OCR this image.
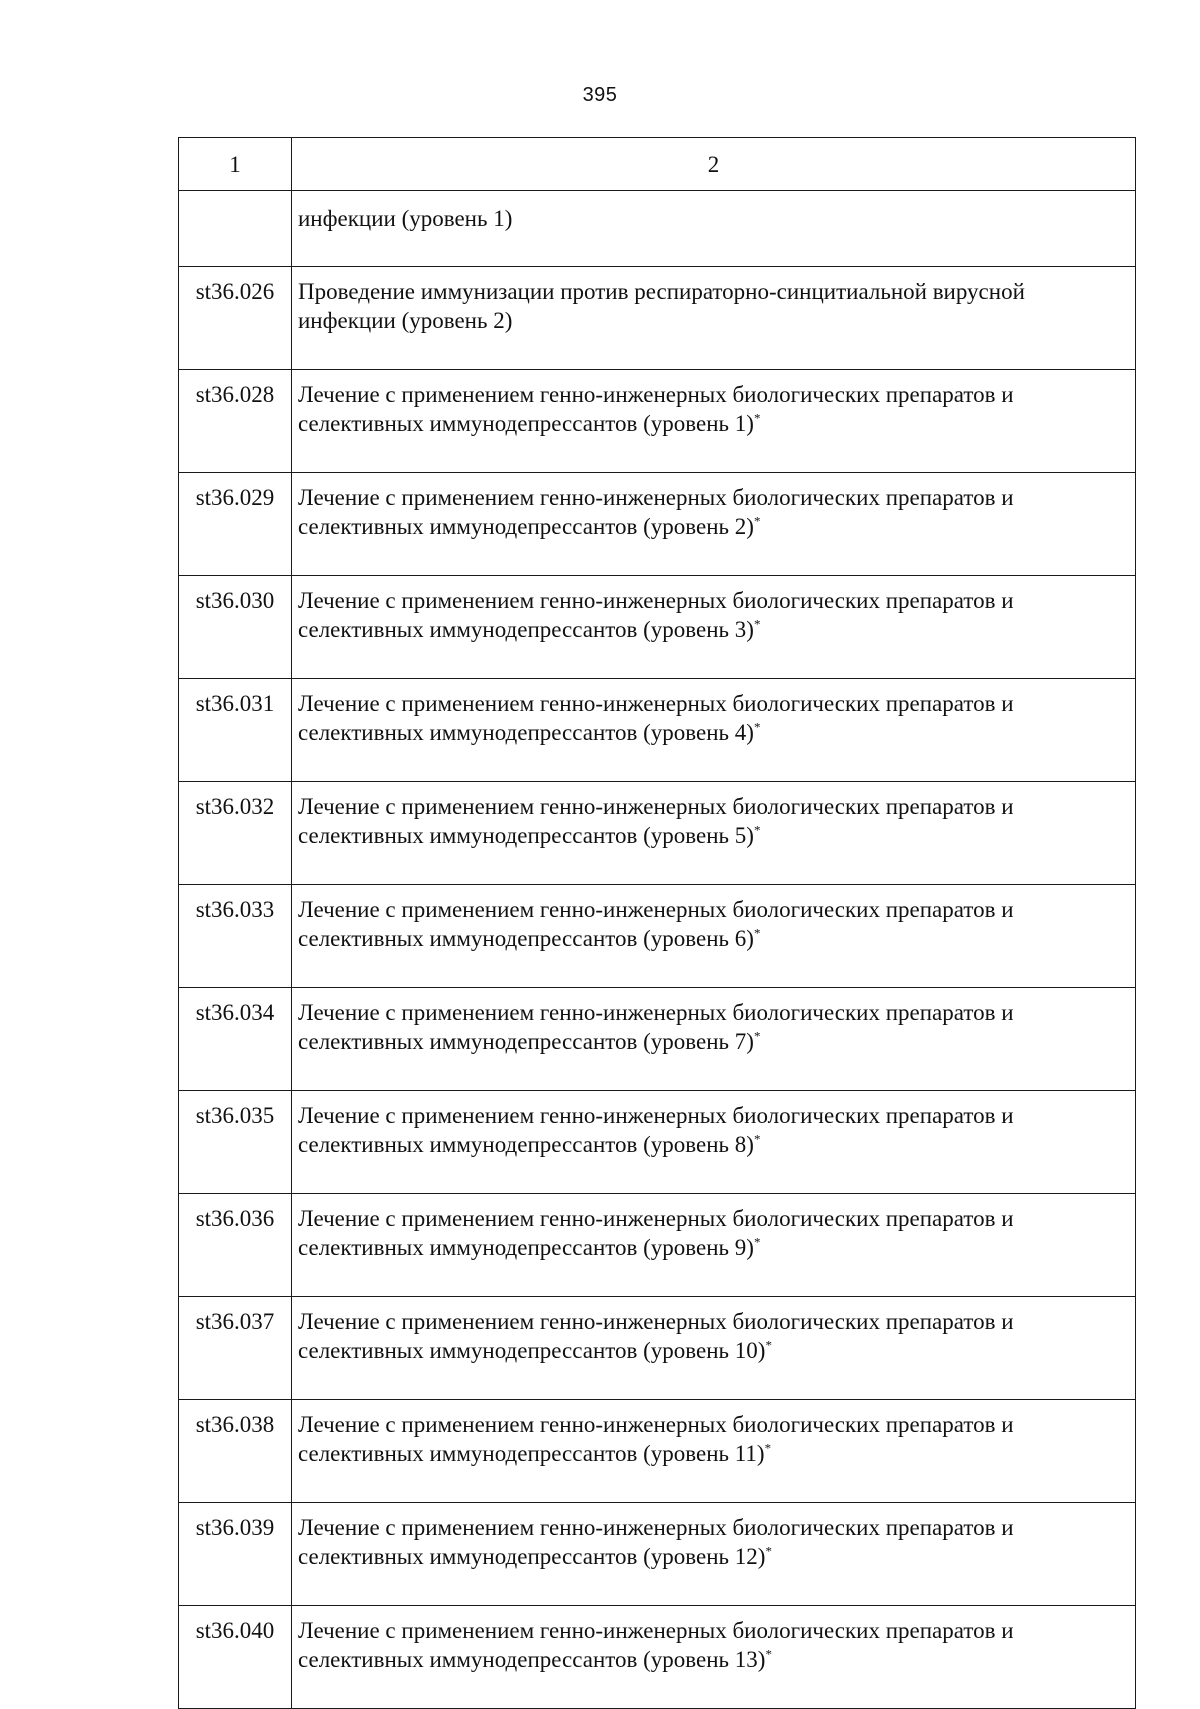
395
1	2
	инфекции (уровень 1)
st36.026	Проведение иммунизации против респираторно-синцитиальной вирусной инфекции (уровень 2)
st36.028	Лечение с применением генно-инженерных биологических препаратов и селективных иммунодепрессантов (уровень 1)*
st36.029	Лечение с применением генно-инженерных биологических препаратов и селективных иммунодепрессантов (уровень 2)*
st36.030	Лечение с применением генно-инженерных биологических препаратов и селективных иммунодепрессантов (уровень 3)*
st36.031	Лечение с применением генно-инженерных биологических препаратов и селективных иммунодепрессантов (уровень 4)*
st36.032	Лечение с применением генно-инженерных биологических препаратов и селективных иммунодепрессантов (уровень 5)*
st36.033	Лечение с применением генно-инженерных биологических препаратов и селективных иммунодепрессантов (уровень 6)*
st36.034	Лечение с применением генно-инженерных биологических препаратов и селективных иммунодепрессантов (уровень 7)*
st36.035	Лечение с применением генно-инженерных биологических препаратов и селективных иммунодепрессантов (уровень 8)*
st36.036	Лечение с применением генно-инженерных биологических препаратов и селективных иммунодепрессантов (уровень 9)*
st36.037	Лечение с применением генно-инженерных биологических препаратов и селективных иммунодепрессантов (уровень 10)*
st36.038	Лечение с применением генно-инженерных биологических препаратов и селективных иммунодепрессантов (уровень 11)*
st36.039	Лечение с применением генно-инженерных биологических препаратов и селективных иммунодепрессантов (уровень 12)*
st36.040	Лечение с применением генно-инженерных биологических препаратов и селективных иммунодепрессантов (уровень 13)*
